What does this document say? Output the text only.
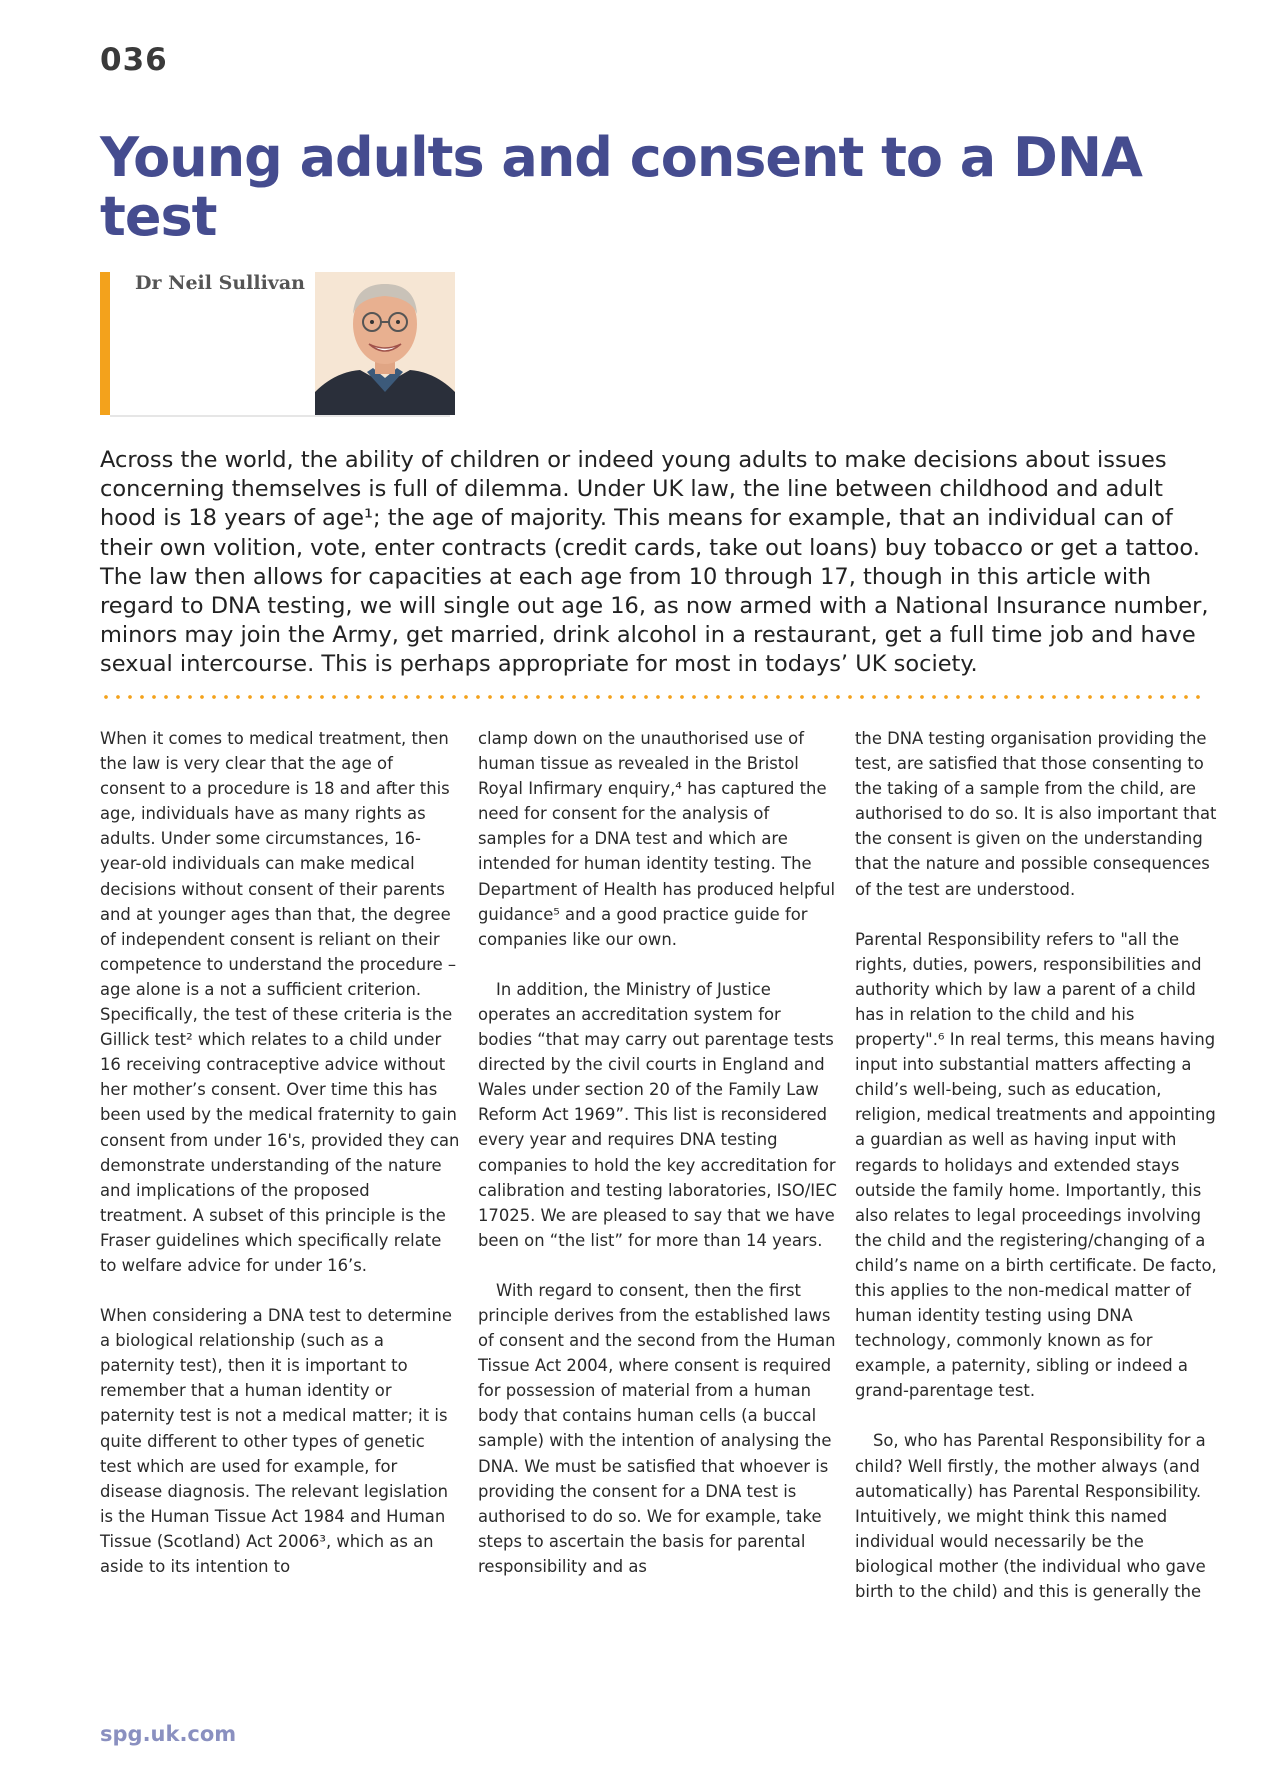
036
Young adults and consent to a DNA test
Dr Neil Sullivan

Across the world, the ability of children or indeed young adults to make decisions about issues concerning themselves is full of dilemma. Under UK law, the line between childhood and adult hood is 18 years of age¹; the age of majority. This means for example, that an individual can of their own volition, vote, enter contracts (credit cards, take out loans) buy tobacco or get a tattoo. The law then allows for capacities at each age from 10 through 17, though in this article with regard to DNA testing, we will single out age 16, as now armed with a National Insurance number, minors may join the Army, get married, drink alcohol in a restaurant, get a full time job and have sexual intercourse. This is perhaps appropriate for most in todays’ UK society.

When it comes to medical treatment, then the law is very clear that the age of consent to a procedure is 18 and after this age, individuals have as many rights as adults. Under some circumstances, 16-year-old individuals can make medical decisions without consent of their parents and at younger ages than that, the degree of independent consent is reliant on their competence to understand the procedure – age alone is a not a sufficient criterion. Specifically, the test of these criteria is the Gillick test² which relates to a child under 16 receiving contraceptive advice without her mother’s consent. Over time this has been used by the medical fraternity to gain consent from under 16's, provided they can demonstrate understanding of the nature and implications of the proposed treatment. A subset of this principle is the Fraser guidelines which specifically relate to welfare advice for under 16’s.

When considering a DNA test to determine a biological relationship (such as a paternity test), then it is important to remember that a human identity or paternity test is not a medical matter; it is quite different to other types of genetic test which are used for example, for disease diagnosis. The relevant legislation is the Human Tissue Act 1984 and Human Tissue (Scotland) Act 2006³, which as an aside to its intention to

clamp down on the unauthorised use of human tissue as revealed in the Bristol Royal Infirmary enquiry,⁴ has captured the need for consent for the analysis of samples for a DNA test and which are intended for human identity testing. The Department of Health has produced helpful guidance⁵ and a good practice guide for companies like our own.

In addition, the Ministry of Justice operates an accreditation system for bodies “that may carry out parentage tests directed by the civil courts in England and Wales under section 20 of the Family Law Reform Act 1969”. This list is reconsidered every year and requires DNA testing companies to hold the key accreditation for calibration and testing laboratories, ISO/IEC 17025. We are pleased to say that we have been on “the list” for more than 14 years.

With regard to consent, then the first principle derives from the established laws of consent and the second from the Human Tissue Act 2004, where consent is required for possession of material from a human body that contains human cells (a buccal sample) with the intention of analysing the DNA. We must be satisfied that whoever is providing the consent for a DNA test is authorised to do so. We for example, take steps to ascertain the basis for parental responsibility and as

the DNA testing organisation providing the test, are satisfied that those consenting to the taking of a sample from the child, are authorised to do so. It is also important that the consent is given on the understanding that the nature and possible consequences of the test are understood.

Parental Responsibility refers to "all the rights, duties, powers, responsibilities and authority which by law a parent of a child has in relation to the child and his property".⁶ In real terms, this means having input into substantial matters affecting a child’s well-being, such as education, religion, medical treatments and appointing a guardian as well as having input with regards to holidays and extended stays outside the family home. Importantly, this also relates to legal proceedings involving the child and the registering/changing of a child’s name on a birth certificate. De facto, this applies to the non-medical matter of human identity testing using DNA technology, commonly known as for example, a paternity, sibling or indeed a grand-parentage test.

So, who has Parental Responsibility for a child? Well firstly, the mother always (and automatically) has Parental Responsibility. Intuitively, we might think this named individual would necessarily be the biological mother (the individual who gave birth to the child) and this is generally the

spg.uk.com
